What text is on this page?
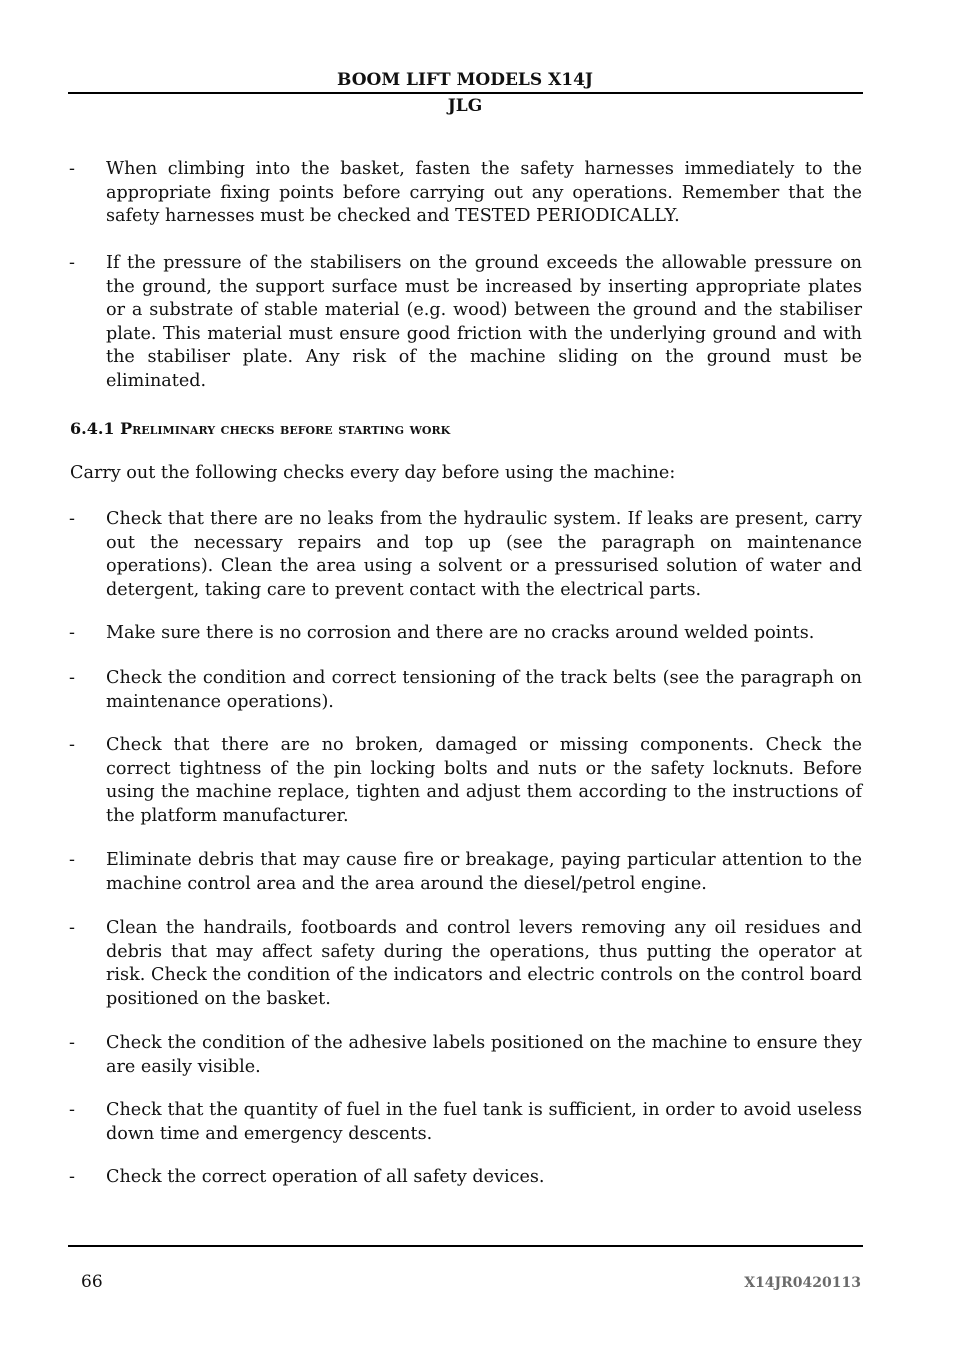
BOOM LIFT MODELS X14J
JLG
- When climbing into the basket, fasten the safety harnesses immediately to the appropriate fixing points before carrying out any operations. Remember that the safety harnesses must be checked and TESTED PERIODICALLY.
- If the pressure of the stabilisers on the ground exceeds the allowable pressure on the ground, the support surface must be increased by inserting appropriate plates or a substrate of stable material (e.g. wood) between the ground and the stabiliser plate. This material must ensure good friction with the underlying ground and with the stabiliser plate. Any risk of the machine sliding on the ground must be eliminated.
6.4.1 Preliminary checks before starting work
Carry out the following checks every day before using the machine:
- Check that there are no leaks from the hydraulic system. If leaks are present, carry out the necessary repairs and top up (see the paragraph on maintenance operations). Clean the area using a solvent or a pressurised solution of water and detergent, taking care to prevent contact with the electrical parts.
- Make sure there is no corrosion and there are no cracks around welded points.
- Check the condition and correct tensioning of the track belts (see the paragraph on maintenance operations).
- Check that there are no broken, damaged or missing components. Check the correct tightness of the pin locking bolts and nuts or the safety locknuts. Before using the machine replace, tighten and adjust them according to the instructions of the platform manufacturer.
- Eliminate debris that may cause fire or breakage, paying particular attention to the machine control area and the area around the diesel/petrol engine.
- Clean the handrails, footboards and control levers removing any oil residues and debris that may affect safety during the operations, thus putting the operator at risk. Check the condition of the indicators and electric controls on the control board positioned on the basket.
- Check the condition of the adhesive labels positioned on the machine to ensure they are easily visible.
- Check that the quantity of fuel in the fuel tank is sufficient, in order to avoid useless down time and emergency descents.
- Check the correct operation of all safety devices.
66	X14JR0420113
